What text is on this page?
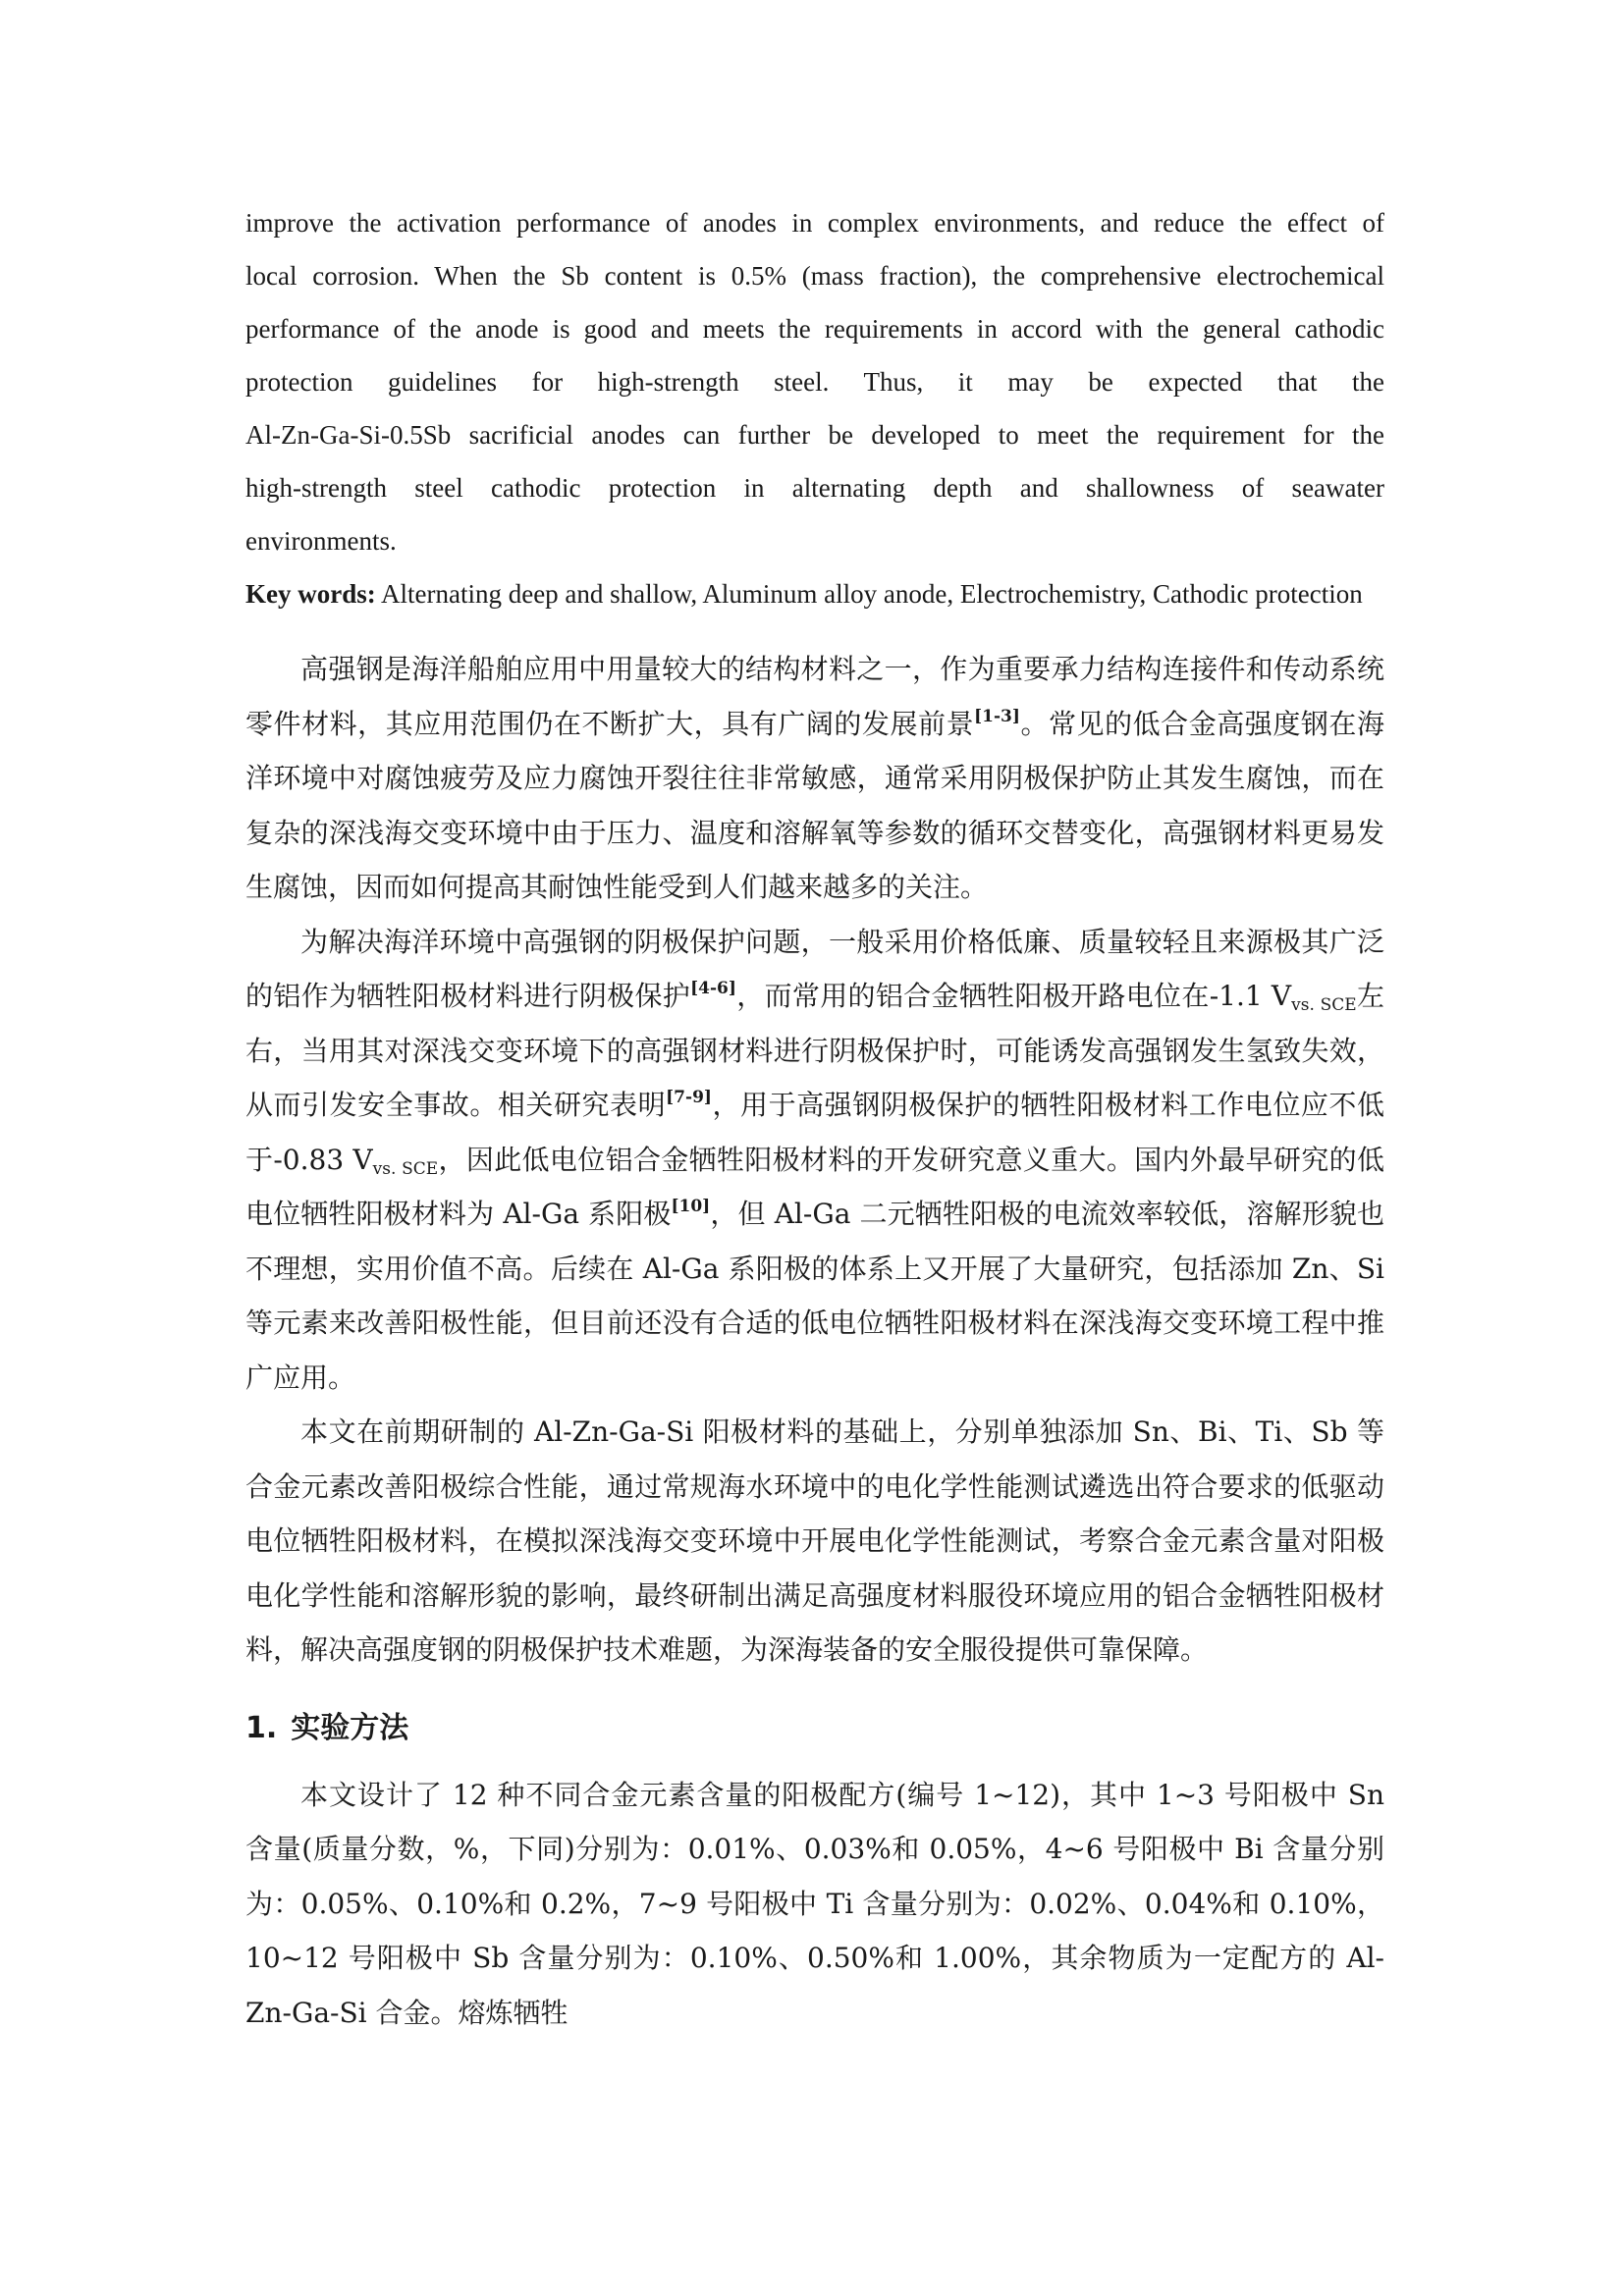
improve the activation performance of anodes in complex environments, and reduce the effect of
local corrosion. When the Sb content is 0.5% (mass fraction), the comprehensive electrochemical
performance of the anode is good and meets the requirements in accord with the general cathodic
protection guidelines for high-strength steel. Thus, it may be expected that the
Al-Zn-Ga-Si-0.5Sb sacrificial anodes can further be developed to meet the requirement for the
high-strength steel cathodic protection in alternating depth and shallowness of seawater
environments.

Key words: Alternating deep and shallow, Aluminum alloy anode, Electrochemistry, Cathodic protection

高强钢是海洋船舶应用中用量较大的结构材料之一，作为重要承力结构连接件和传动系统零件材料，其应用范围仍在不断扩大，具有广阔的发展前景[1-3]。常见的低合金高强度钢在海洋环境中对腐蚀疲劳及应力腐蚀开裂往往非常敏感，通常采用阴极保护防止其发生腐蚀，而在复杂的深浅海交变环境中由于压力、温度和溶解氧等参数的循环交替变化，高强钢材料更易发生腐蚀，因而如何提高其耐蚀性能受到人们越来越多的关注。

为解决海洋环境中高强钢的阴极保护问题，一般采用价格低廉、质量较轻且来源极其广泛的铝作为牺牲阳极材料进行阴极保护[4-6]，而常用的铝合金牺牲阳极开路电位在-1.1 $V_{vs. SCE}$左右，当用其对深浅交变环境下的高强钢材料进行阴极保护时，可能诱发高强钢发生氢致失效，从而引发安全事故。相关研究表明[7-9]，用于高强钢阴极保护的牺牲阳极材料工作电位应不低于-0.83 $V_{vs. SCE}$，因此低电位铝合金牺牲阳极材料的开发研究意义重大。国内外最早研究的低电位牺牲阳极材料为 Al-Ga 系阳极[10]，但 Al-Ga 二元牺牲阳极的电流效率较低，溶解形貌也不理想，实用价值不高。后续在 Al-Ga 系阳极的体系上又开展了大量研究，包括添加 Zn、Si 等元素来改善阳极性能，但目前还没有合适的低电位牺牲阳极材料在深浅海交变环境工程中推广应用。

本文在前期研制的 Al-Zn-Ga-Si 阳极材料的基础上，分别单独添加 Sn、Bi、Ti、Sb 等合金元素改善阳极综合性能，通过常规海水环境中的电化学性能测试遴选出符合要求的低驱动电位牺牲阳极材料，在模拟深浅海交变环境中开展电化学性能测试，考察合金元素含量对阳极电化学性能和溶解形貌的影响，最终研制出满足高强度材料服役环境应用的铝合金牺牲阳极材料，解决高强度钢的阴极保护技术难题，为深海装备的安全服役提供可靠保障。

1. 实验方法

本文设计了 12 种不同合金元素含量的阳极配方(编号 1~12)，其中 1~3 号阳极中 Sn 含量(质量分数，%，下同)分别为：0.01%、0.03%和 0.05%，4~6 号阳极中 Bi 含量分别为：0.05%、0.10%和 0.2%，7~9 号阳极中 Ti 含量分别为：0.02%、0.04%和 0.10%，10~12 号阳极中 Sb 含量分别为：0.10%、0.50%和 1.00%，其余物质为一定配方的 Al-Zn-Ga-Si 合金。熔炼牺牲
